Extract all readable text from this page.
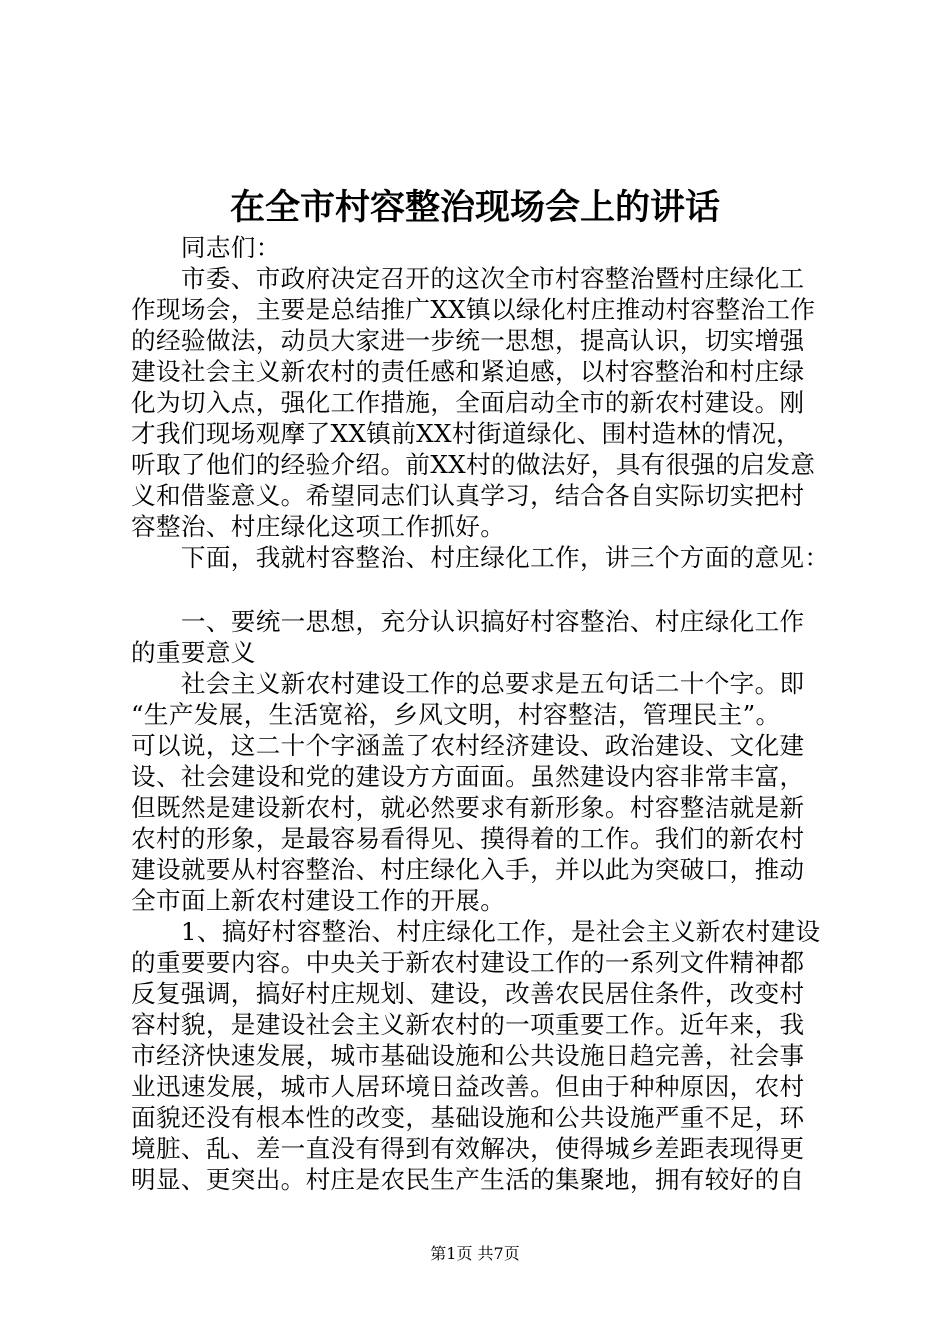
在全市村容整治现场会上的讲话
　　同志们：
　　市委、市政府决定召开的这次全市村容整治暨村庄绿化工
作现场会，主要是总结推广XX镇以绿化村庄推动村容整治工作
的经验做法，动员大家进一步统一思想，提高认识，切实增强
建设社会主义新农村的责任感和紧迫感，以村容整治和村庄绿
化为切入点，强化工作措施，全面启动全市的新农村建设。刚
才我们现场观摩了XX镇前XX村街道绿化、围村造林的情况，
听取了他们的经验介绍。前XX村的做法好，具有很强的启发意
义和借鉴意义。希望同志们认真学习，结合各自实际切实把村
容整治、村庄绿化这项工作抓好。
　　下面，我就村容整治、村庄绿化工作，讲三个方面的意见：
　　一、要统一思想，充分认识搞好村容整治、村庄绿化工作
的重要意义
　　社会主义新农村建设工作的总要求是五句话二十个字。即
“生产发展，生活宽裕，乡风文明，村容整洁，管理民主”。
可以说，这二十个字涵盖了农村经济建设、政治建设、文化建
设、社会建设和党的建设方方面面。虽然建设内容非常丰富，
但既然是建设新农村，就必然要求有新形象。村容整洁就是新
农村的形象，是最容易看得见、摸得着的工作。我们的新农村
建设就要从村容整治、村庄绿化入手，并以此为突破口，推动
全市面上新农村建设工作的开展。
　　1、搞好村容整治、村庄绿化工作，是社会主义新农村建设
的重要要内容。中央关于新农村建设工作的一系列文件精神都
反复强调，搞好村庄规划、建设，改善农民居住条件，改变村
容村貌，是建设社会主义新农村的一项重要工作。近年来，我
市经济快速发展，城市基础设施和公共设施日趋完善，社会事
业迅速发展，城市人居环境日益改善。但由于种种原因，农村
面貌还没有根本性的改变，基础设施和公共设施严重不足，环
境脏、乱、差一直没有得到有效解决，使得城乡差距表现得更
明显、更突出。村庄是农民生产生活的集聚地，拥有较好的自
第1页 共7页
